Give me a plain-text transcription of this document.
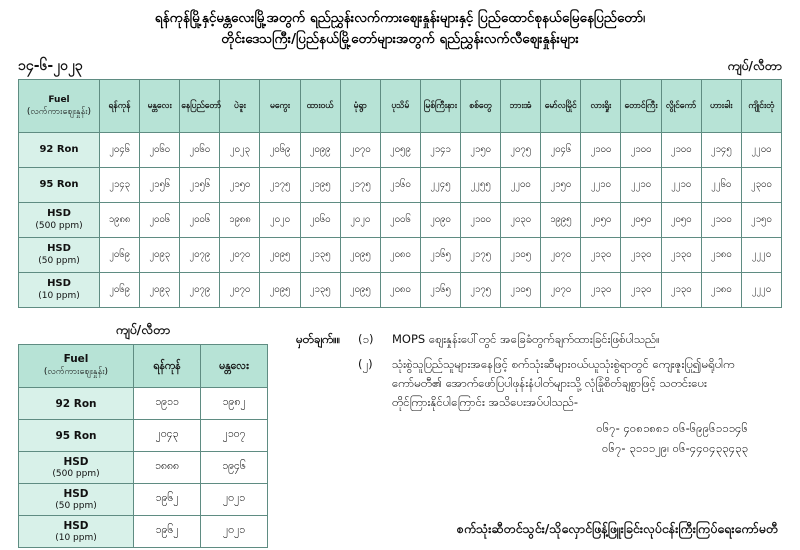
ရန်ကုန်မြို့နှင့်မန္တလေးမြို့အတွက် ရည်ညွှန်းလက်ကားဈေးနှုန်းများနှင့် ပြည်ထောင်စုနယ်မြေနေပြည်တော်၊
တိုင်းဒေသကြီး/ပြည်နယ်မြို့တော်များအတွက် ရည်ညွှန်းလက်လီဈေးနှုန်းများ
၁၄-၆-၂၀၂၃	ကျပ်/လီတာ
Fuel
(လက်ကားဈေးနှုန်း)	ရန်ကုန်	မန္တလေး	နေပြည်တော်	ပဲခူး	မကွေး	ထားဝယ်	မုံရွာ	ပုသိမ်	မြစ်ကြီးနား	စစ်တွေ	ဘားအံ	မော်လမြိုင်	လားရှိုး	တောင်ကြီး	လွိုင်ကော်	ဟားခါး	ကျိုင်းတုံ
92 Ron	၂၀၄၆	၂၀၆၀	၂၀၆၀	၂၀၂၃	၂၀၆၉	၂၀၉၉	၂၀၇၀	၂၀၅၉	၂၁၄၁	၂၁၅၀	၂၀၇၅	၂၀၄၆	၂၁၀၀	၂၁၀၀	၂၁၀၀	၂၁၄၅	၂၂၀၀
95 Ron	၂၁၄၃	၂၁၅၆	၂၁၅၆	၂၁၅၀	၂၁၇၅	၂၁၉၅	၂၁၇၅	၂၁၆၀	၂၂၄၅	၂၂၅၅	၂၂၀၀	၂၁၅၀	၂၂၁၀	၂၂၁၀	၂၂၁၀	၂၂၆၀	၂၃၀၀
HSD
(500 ppm)	၁၉၈၈	၂၀၀၆	၂၀၀၆	၁၉၈၈	၂၀၂၀	၂၀၆၀	၂၀၂၀	၂၀၀၆	၂၀၉၀	၂၁၀၀	၂၀၃၀	၁၉၉၅	၂၀၅၀	၂၀၅၀	၂၀၅၀	၂၁၀၀	၂၁၅၀
HSD
(50 ppm)	၂၀၆၉	၂၀၉၃	၂၀၇၉	၂၀၇၀	၂၀၉၅	၂၁၃၅	၂၀၉၅	၂၀၈၀	၂၁၆၅	၂၁၇၅	၂၁၀၅	၂၀၇၀	၂၁၃၀	၂၁၃၀	၂၁၃၀	၂၁၈၀	၂၂၂၀
HSD
(10 ppm)	၂၀၆၉	၂၀၉၃	၂၀၇၉	၂၀၇၀	၂၀၉၅	၂၁၃၅	၂၀၉၅	၂၀၈၀	၂၁၆၅	၂၁၇၅	၂၁၀၅	၂၀၇၀	၂၁၃၀	၂၁၃၀	၂၁၃၀	၂၁၈၀	၂၂၂၀
ကျပ်/လီတာ
Fuel
(လက်ကားဈေးနှုန်း)	ရန်ကုန်	မန္တလေး
92 Ron	၁၉၁၁	၁၉၈၂
95 Ron	၂၀၄၃	၂၁၀၇
HSD
(500 ppm)	၁၈၈၈	၁၉၄၆
HSD
(50 ppm)	၁၉၆၂	၂၀၂၁
HSD
(10 ppm)	၁၉၆၂	၂၀၂၁
မှတ်ချက်။။	(၁)	MOPS ဈေးနှုန်းပေါ်တွင် အခြေခံတွက်ချက်ထားခြင်းဖြစ်ပါသည်။
(၂)	သုံးစွဲသူပြည်သူများအနေဖြင့် စက်သုံးဆီများဝယ်ယူသုံးစွဲရာတွင် ကျေးဇူးပြု၍မရိုပါက
ကော်မတီ၏ အောက်ဖော်ပြပါဖုန်းနံပါတ်များသို့ လုံခြုံစိတ်ချစွာဖြင့် သတင်းပေး
တိုင်ကြားနိုင်ပါကြောင်း အသိပေးအပ်ပါသည်-
၀၆၇- ၄၀၈၁၈၈၁ ၀၆-၆၉၉၆၁၁၁၄၆
၀၆၇- ၃၁၁၁၂၉၊ ၀၆-၄၄၀၄၃၃၄၃၃
စက်သုံးဆီတင်သွင်း/သိုလှောင်ဖြန့်ဖြူးခြင်းလုပ်ငန်းကြီးကြပ်ရေးကော်မတီ
